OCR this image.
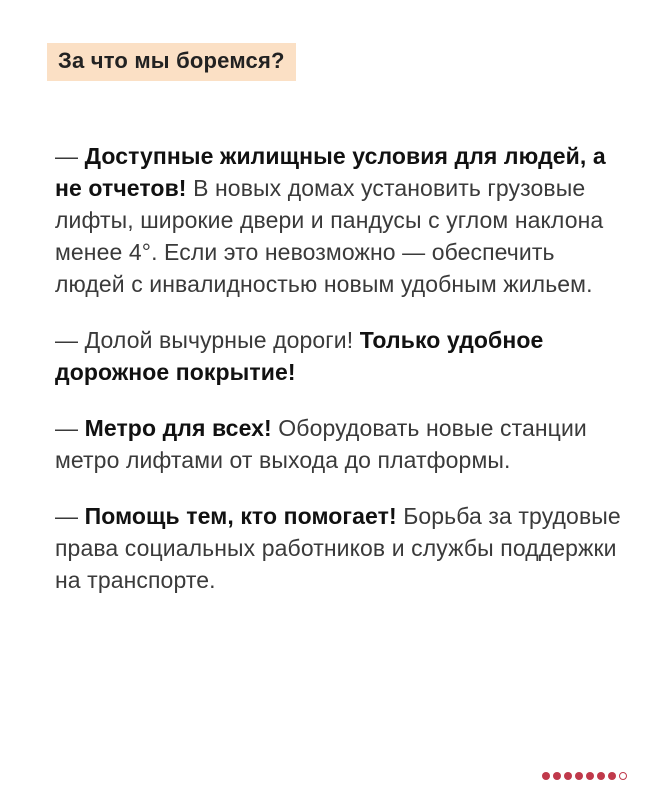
За что мы боремся?

— Доступные жилищные условия для людей, а не отчетов! В новых домах установить грузовые лифты, широкие двери и пандусы с углом наклона менее 4°. Если это невозможно — обеспечить людей с инвалидностью новым удобным жильем.

— Долой вычурные дороги! Только удобное дорожное покрытие!

— Метро для всех! Оборудовать новые станции метро лифтами от выхода до платформы.

— Помощь тем, кто помогает! Борьба за трудовые права социальных работников и службы поддержки на транспорте.
